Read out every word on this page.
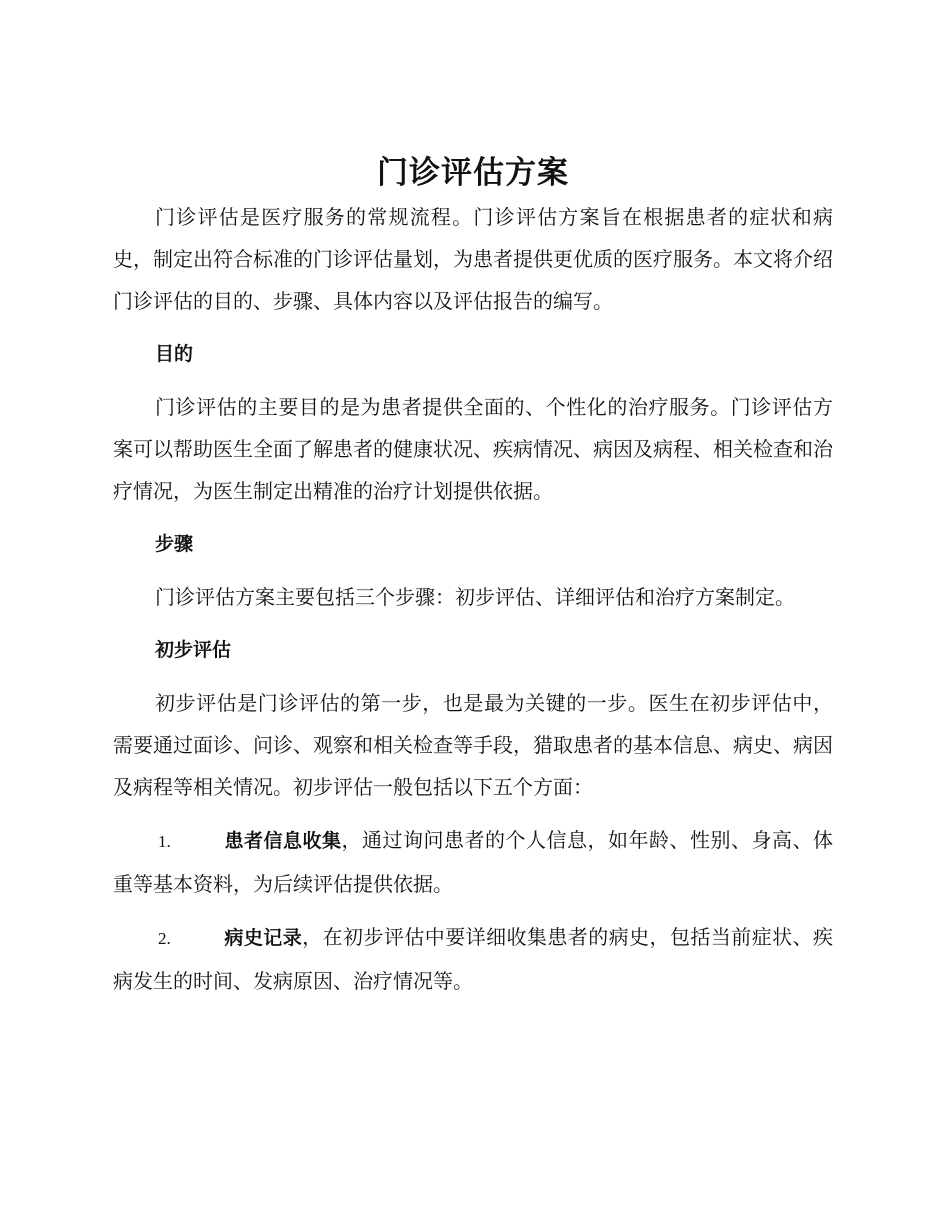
门诊评估方案

门诊评估是医疗服务的常规流程。门诊评估方案旨在根据患者的症状和病史，制定出符合标准的门诊评估量划，为患者提供更优质的医疗服务。本文将介绍门诊评估的目的、步骤、具体内容以及评估报告的编写。

目的

门诊评估的主要目的是为患者提供全面的、个性化的治疗服务。门诊评估方案可以帮助医生全面了解患者的健康状况、疾病情况、病因及病程、相关检查和治疗情况，为医生制定出精准的治疗计划提供依据。

步骤

门诊评估方案主要包括三个步骤：初步评估、详细评估和治疗方案制定。

初步评估

初步评估是门诊评估的第一步，也是最为关键的一步。医生在初步评估中，需要通过面诊、问诊、观察和相关检查等手段，猎取患者的基本信息、病史、病因及病程等相关情况。初步评估一般包括以下五个方面：

1.	患者信息收集，通过询问患者的个人信息，如年龄、性别、身高、体重等基本资料，为后续评估提供依据。

2.	病史记录，在初步评估中要详细收集患者的病史，包括当前症状、疾病发生的时间、发病原因、治疗情况等。
